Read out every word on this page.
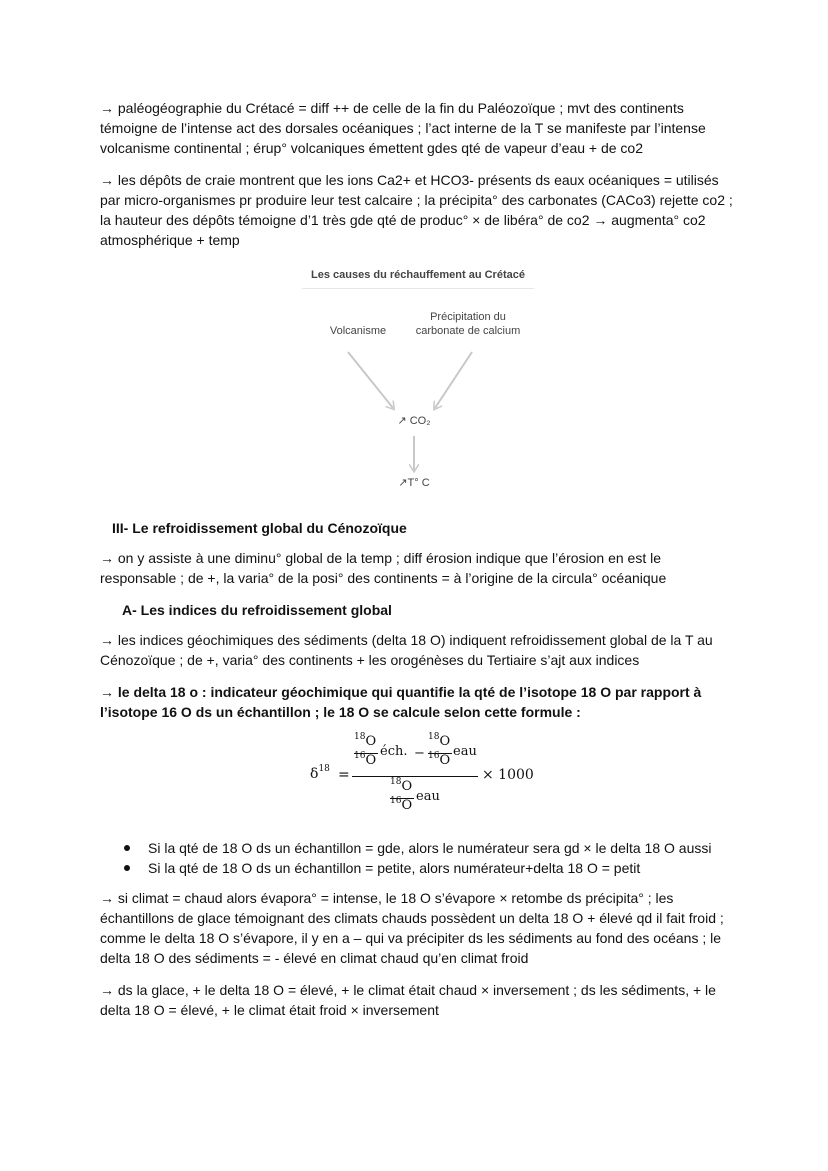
→ paléogéographie du Crétacé = diff ++ de celle de la fin du Paléozoïque ; mvt des continents témoigne de l’intense act des dorsales océaniques ; l’act interne de la T se manifeste par l’intense volcanisme continental ; érup° volcaniques émettent gdes qté de vapeur d’eau + de co2

→ les dépôts de craie montrent que les ions Ca2+ et HCO3- présents ds eaux océaniques = utilisés par micro-organismes pr produire leur test calcaire ; la précipita° des carbonates (CACo3) rejette co2 ; la hauteur des dépôts témoigne d’1 très gde qté de produc° × de libéra° de co2 → augmenta° co2 atmosphérique + temp

Les causes du réchauffement au Crétacé
Volcanisme
Précipitation du
carbonate de calcium
↗ CO₂
↗T° C
III- Le refroidissement global du Cénozoïque

→ on y assiste à une diminu° global de la temp ; diff érosion indique que l’érosion en est le responsable ; de +, la varia° de la posi° des continents = à l’origine de la circula° océanique

A- Les indices du refroidissement global

→ les indices géochimiques des sédiments (delta 18 O) indiquent refroidissement global de la T au Cénozoïque ; de +, varia° des continents + les orogénèses du Tertiaire s’ajt aux indices

→ le delta 18 o : indicateur géochimique qui quantifie la qté de l’isotope 18 O par rapport à l’isotope 16 O ds un échantillon ; le 18 O se calcule selon cette formule :

$\delta^{18}$ =
$^{18}$O
$^{16}$O
éch. −
$^{18}$O
$^{16}$O
eau
$^{18}$O
$^{16}$O
eau
× 1000
Si la qté de 18 O ds un échantillon = gde, alors le numérateur sera gd × le delta 18 O aussi
Si la qté de 18 O ds un échantillon = petite, alors numérateur+delta 18 O = petit

→ si climat = chaud alors évapora° = intense, le 18 O s’évapore × retombe ds précipita° ; les échantillons de glace témoignant des climats chauds possèdent un delta 18 O + élevé qd il fait froid ; comme le delta 18 O s’évapore, il y en a – qui va précipiter ds les sédiments au fond des océans ; le delta 18 O des sédiments = - élevé en climat chaud qu’en climat froid

→ ds la glace, + le delta 18 O = élevé, + le climat était chaud × inversement ; ds les sédiments, + le delta 18 O = élevé, + le climat était froid × inversement
